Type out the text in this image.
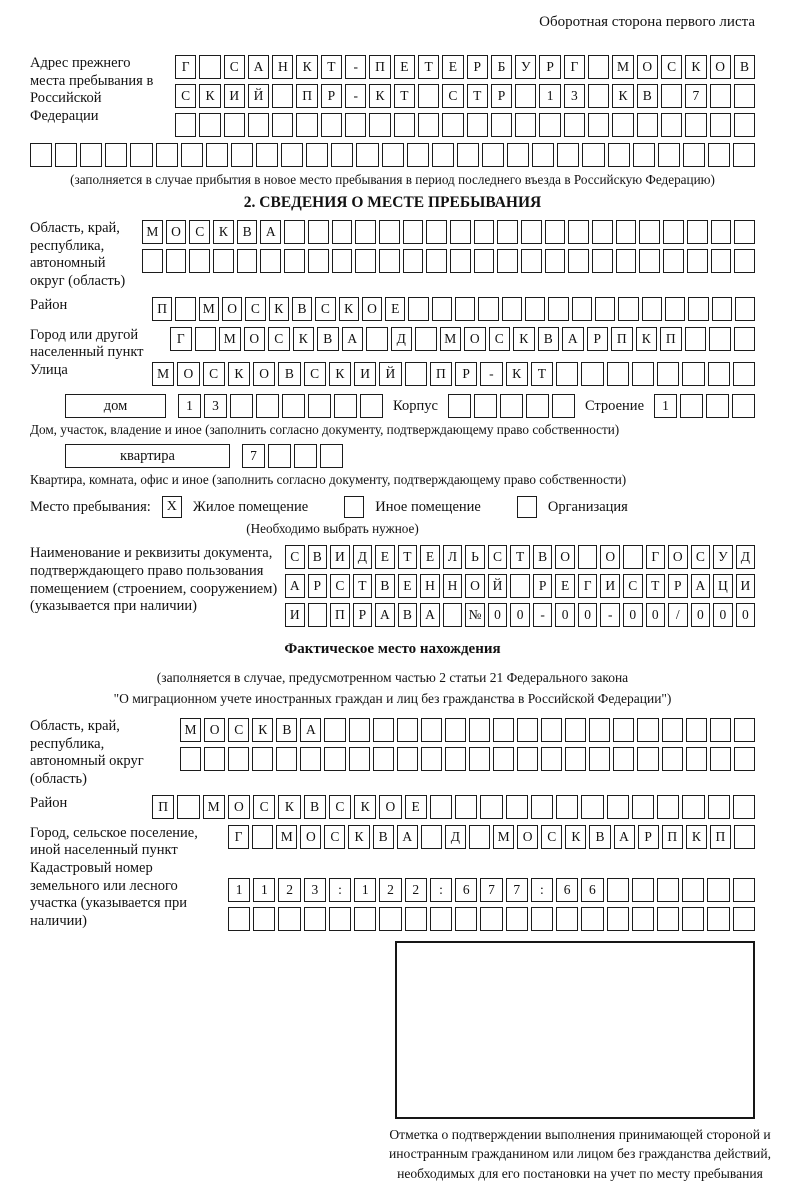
Оборотная сторона первого листа
Адрес прежнего места пребывания в Российской Федерации
Г	С	А	Н	К	Т	-	П	Е	Т	Е	Р	Б	У	Р	Г	М О	С	К	О	В
С	К	И	Й	П	Р	-	К	Т	С	Т	Р	1	3	К	В	7
(заполняется в случае прибытия в новое место пребывания в период последнего въезда в Российскую Федерацию)
2. СВЕДЕНИЯ О МЕСТЕ ПРЕБЫВАНИЯ
Область, край, республика, автономный округ (область)
М О	С	К	В	А
Район	П	М О	С	К	В	С	К	О	Е
Город или другой населенный пункт
Г	М	О	С	К	В	А	Д	М	О	С	К	В	А	Р	П	К	П
Улица	М	О	С	К	О	В	С	К	И	Й	П	Р	-	К	Т
дом	1	3	Корпус	Строение	1
Дом, участок, владение и иное (заполнить согласно документу, подтверждающему право собственности)
квартира	7
Квартира, комната, офис и иное (заполнить согласно документу, подтверждающему право собственности)
Место пребывания:	X	Жилое помещение	Иное помещение	Организация
(Необходимо выбрать нужное)
Наименование и реквизиты документа, подтверждающего право пользования помещением (строением, сооружением) (указывается при наличии)
С	В И Д	Е	Т	Е	Л	Ь	С	Т	В О	О	Г	О С У Д
А	Р	С	Т	В	Е	Н Н О Й	Р	Е	Г	И С	Т	Р	А Ц И
И	П	Р	А В А	№ 0	0	-	0	0	-	0	0	/	0	0	0
Фактическое место нахождения
(заполняется в случае, предусмотренном частью 2 статьи 21 Федерального закона
"О миграционном учете иностранных граждан и лиц без гражданства в Российской Федерации")
Область, край, республика, автономный округ (область)
М О	С	К	В	А
Район	П	М	О	С	К	В	С	К	О	Е
Город, сельское поселение, иной населенный пункт
Г	М О	С	К	В	А	Д	М О	С	К	В	А	Р	П	К	П
Кадастровый номер земельного или лесного участка (указывается при наличии)
1	1	2	3	:	1	2	2	:	6	7	7	:	6	6
Отметка о подтверждении выполнения принимающей стороной и иностранным гражданином или лицом без гражданства действий, необходимых для его постановки на учет по месту пребывания
